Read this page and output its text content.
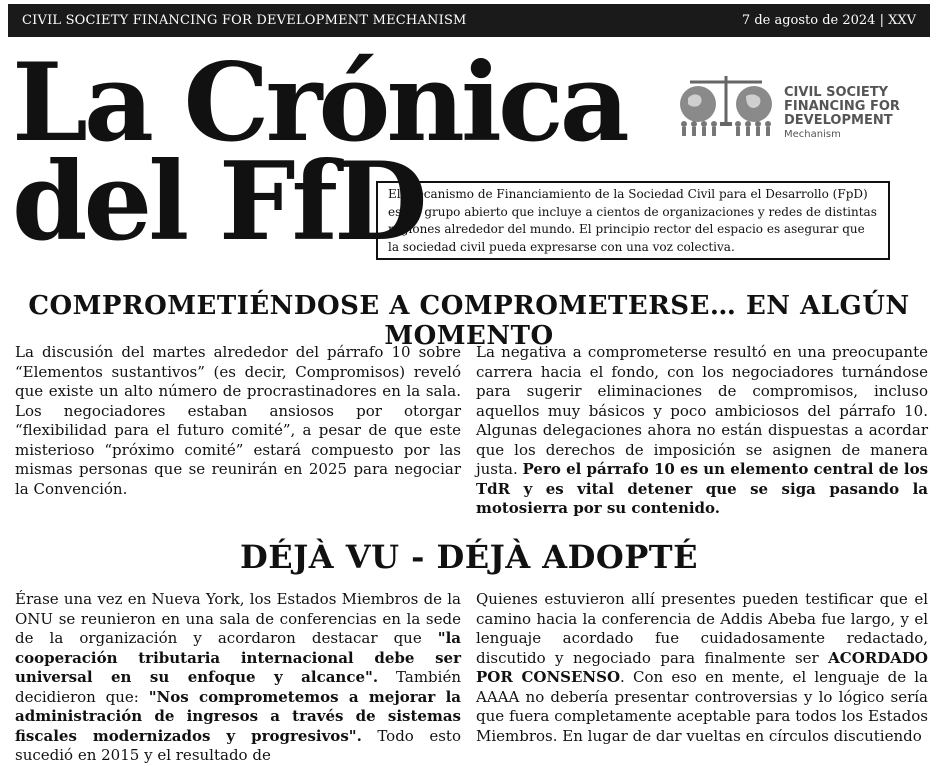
CIVIL SOCIETY FINANCING FOR DEVELOPMENT MECHANISM	7 de agosto de 2024 | XXV
La Crónica
del FfD
CIVIL SOCIETY
FINANCING FOR
DEVELOPMENT
Mechanism
El Mecanismo de Financiamiento de la Sociedad Civil para el Desarrollo (FpD) es un grupo abierto que incluye a cientos de organizaciones y redes de distintas regiones alrededor del mundo. El principio rector del espacio es asegurar que la sociedad civil pueda expresarse con una voz colectiva.
COMPROMETIÉNDOSE A COMPROMETERSE… EN ALGÚN MOMENTO

La discusión del martes alrededor del párrafo 10 sobre “Elementos sustantivos” (es decir, Compromisos) reveló que existe un alto número de procrastinadores en la sala. Los negociadores estaban ansiosos por otorgar “flexibilidad para el futuro comité”, a pesar de que este misterioso “próximo comité” estará compuesto por las mismas personas que se reunirán en 2025 para negociar la Convención.

La negativa a comprometerse resultó en una preocupante carrera hacia el fondo, con los negociadores turnándose para sugerir eliminaciones de compromisos, incluso aquellos muy básicos y poco ambiciosos del párrafo 10. Algunas delegaciones ahora no están dispuestas a acordar que los derechos de imposición se asignen de manera justa. Pero el párrafo 10 es un elemento central de los TdR y es vital detener que se siga pasando la motosierra por su contenido.

DÉJÀ VU - DÉJÀ ADOPTÉ

Érase una vez en Nueva York, los Estados Miembros de la ONU se reunieron en una sala de conferencias en la sede de la organización y acordaron destacar que "la cooperación tributaria internacional debe ser universal en su enfoque y alcance". También decidieron que: "Nos comprometemos a mejorar la administración de ingresos a través de sistemas fiscales modernizados y progresivos". Todo esto sucedió en 2015 y el resultado de

Quienes estuvieron allí presentes pueden testificar que el camino hacia la conferencia de Addis Abeba fue largo, y el lenguaje acordado fue cuidadosamente redactado, discutido y negociado para finalmente ser ACORDADO POR CONSENSO. Con eso en mente, el lenguaje de la AAAA no debería presentar controversias y lo lógico sería que fuera completamente aceptable para todos los Estados Miembros. En lugar de dar vueltas en círculos discutiendo
